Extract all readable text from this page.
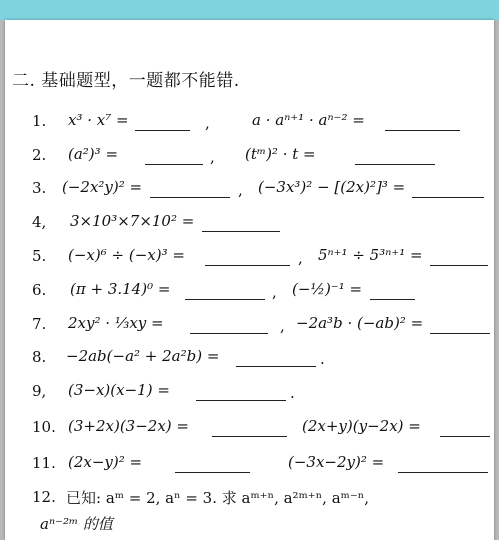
二. 基础题型，一题都不能错.
1.	x³ · x⁷ =	,	a · aⁿ⁺¹ · aⁿ⁻² =
2.	(a²)³ =	, (tᵐ)² · t =
3.	(−2x²y)² =	, (−3x³)² − [(2x)²]³ =
4,	3×10³×7×10² =
5.	(−x)⁶ ÷ (−x)³ =	, 5ⁿ⁺¹ ÷ 5³ⁿ⁺¹ =
6.	(π + 3.14)⁰ =	, (−½)⁻¹ =
7.	2xy² · ⅓xy =	, −2a³b · (−ab)² =
8.	−2ab(−a² + 2a²b) =	.
9,	(3−x)(x−1) =	.
10. (3+2x)(3−2x) =	(2x+y)(y−2x) =
11. (2x−y)² =	(−3x−2y)² =
12. 已知: aᵐ = 2, aⁿ = 3. 求 aᵐ⁺ⁿ, a²ᵐ⁺ⁿ, aᵐ⁻ⁿ,
aⁿ⁻²ᵐ 的值
